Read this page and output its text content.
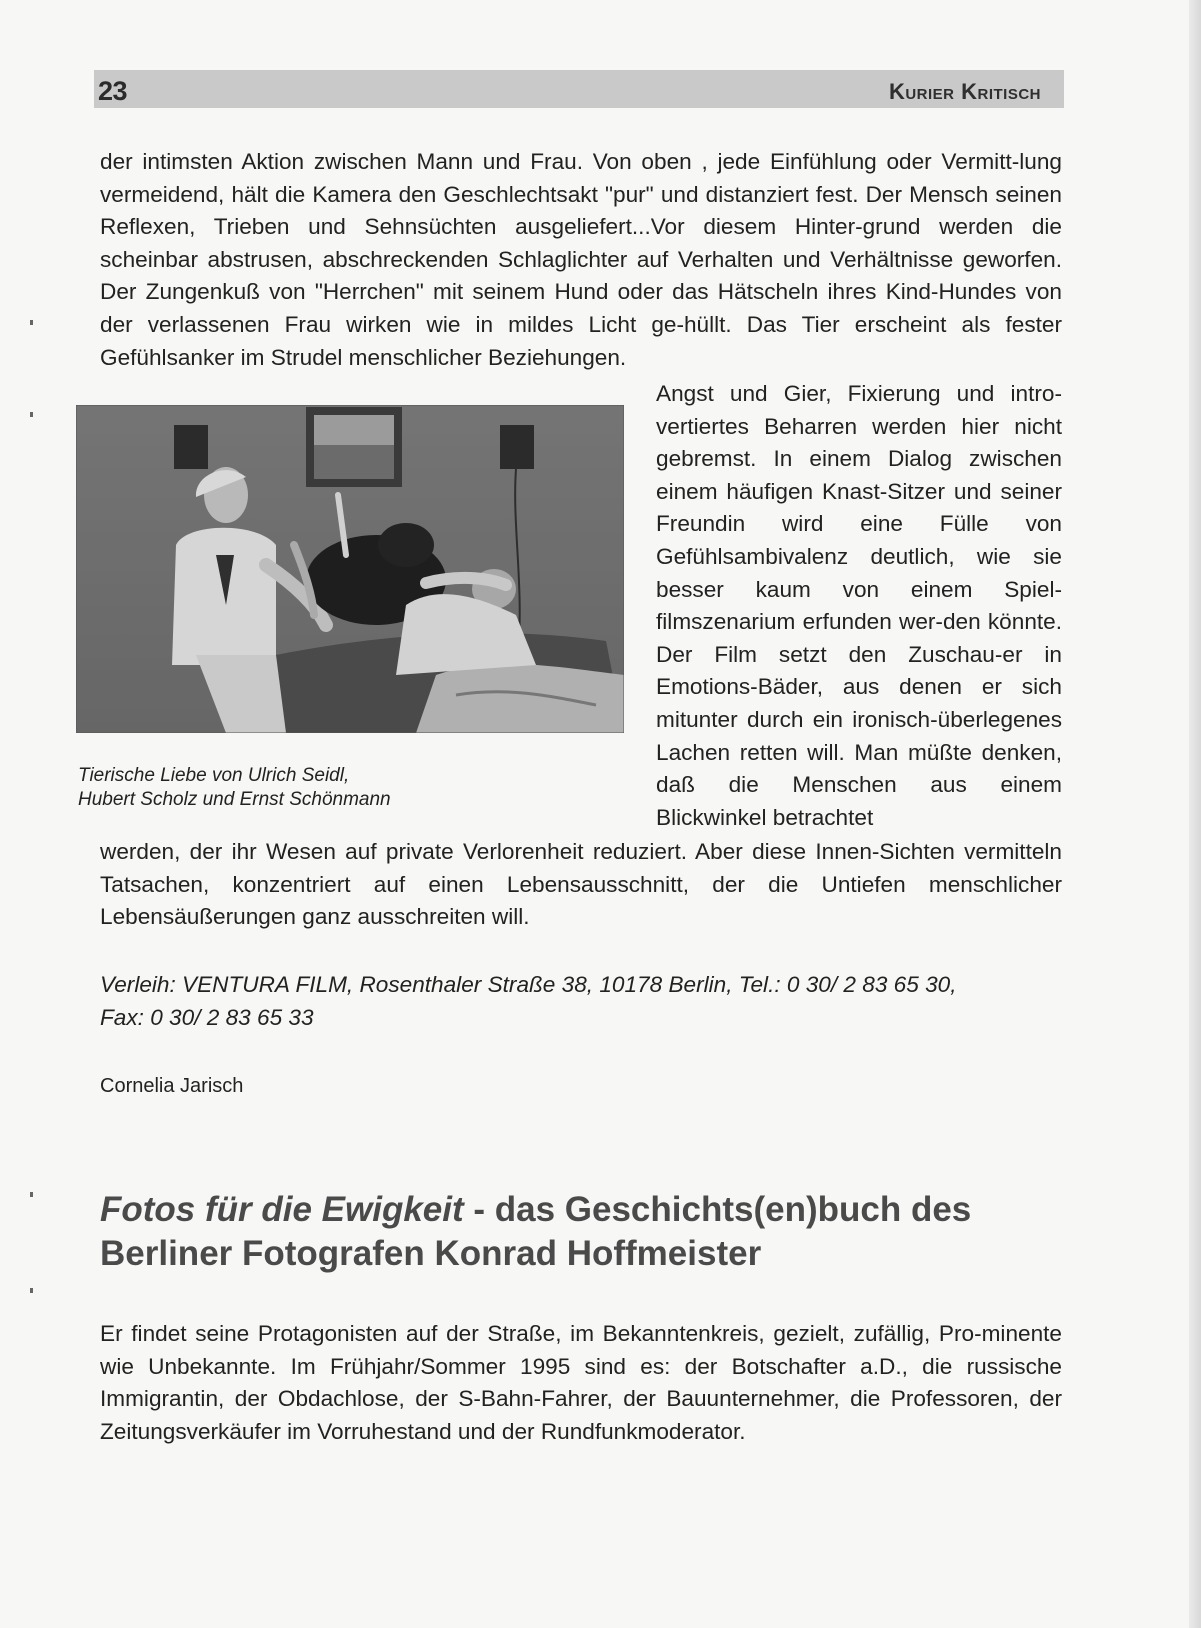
23	Kurier Kritisch
der intimsten Aktion zwischen Mann und Frau. Von oben , jede Einfühlung oder Vermitt-lung vermeidend, hält die Kamera den Geschlechtsakt "pur" und distanziert fest. Der Mensch seinen Reflexen, Trieben und Sehnsüchten ausgeliefert...Vor diesem Hinter-grund werden die scheinbar abstrusen, abschreckenden Schlaglichter auf Verhalten und Verhältnisse geworfen. Der Zungenkuß von "Herrchen" mit seinem Hund oder das Hätscheln ihres Kind-Hundes von der verlassenen Frau wirken wie in mildes Licht ge-hüllt. Das Tier erscheint als fester Gefühlsanker im Strudel menschlicher Beziehungen.
Tierische Liebe von Ulrich Seidl,
Hubert Scholz und Ernst Schönmann
Angst und Gier, Fixierung und intro-vertiertes Beharren werden hier nicht gebremst. In einem Dialog zwischen einem häufigen Knast-Sitzer und seiner Freundin wird eine Fülle von Gefühlsambivalenz deutlich, wie sie besser kaum von einem Spiel-filmszenarium erfunden wer-den könnte. Der Film setzt den Zuschau-er in Emotions-Bäder, aus denen er sich mitunter durch ein ironisch-überlegenes Lachen retten will. Man müßte denken, daß die Menschen aus einem Blickwinkel betrachtet
werden, der ihr Wesen auf private Verlorenheit reduziert. Aber diese Innen-Sichten vermitteln Tatsachen, konzentriert auf einen Lebensausschnitt, der die Untiefen menschlicher Lebensäußerungen ganz ausschreiten will.
Verleih: VENTURA FILM, Rosenthaler Straße 38, 10178 Berlin, Tel.: 0 30/ 2 83 65 30,
Fax: 0 30/ 2 83 65 33
Cornelia Jarisch
Fotos für die Ewigkeit - das Geschichts(en)buch des Berliner Fotografen Konrad Hoffmeister
Er findet seine Protagonisten auf der Straße, im Bekanntenkreis, gezielt, zufällig, Pro-minente wie Unbekannte. Im Frühjahr/Sommer 1995 sind es: der Botschafter a.D., die russische Immigrantin, der Obdachlose, der S-Bahn-Fahrer, der Bauunternehmer, die Professoren, der Zeitungsverkäufer im Vorruhestand und der Rundfunkmoderator.
